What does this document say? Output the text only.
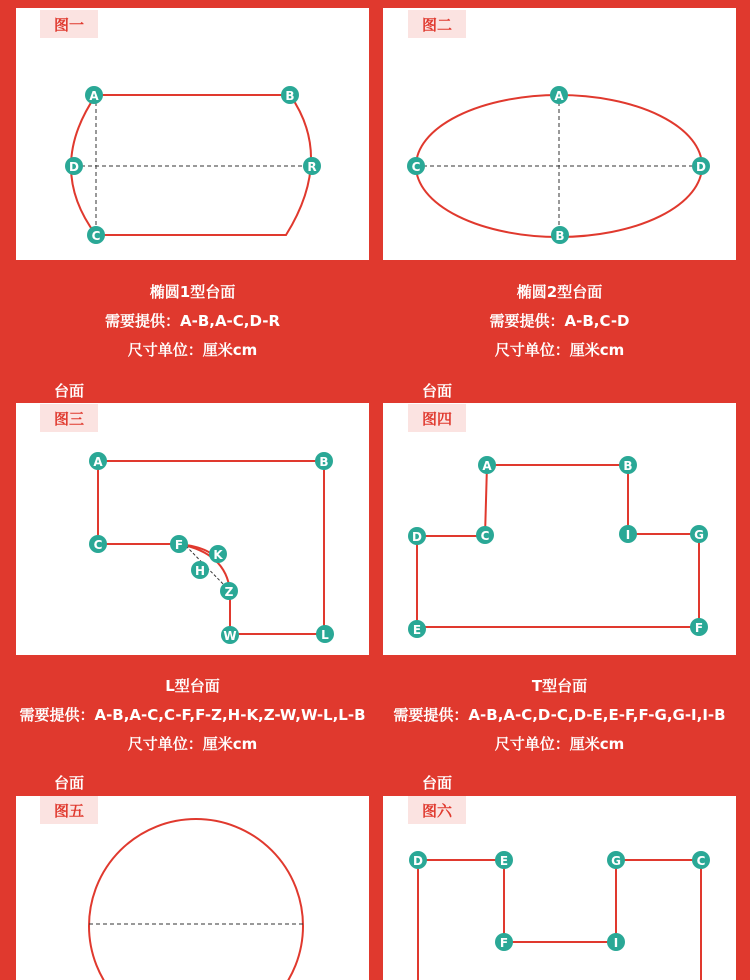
图一
A	B
D	R
C
图二
A
C	D
B
椭圆1型台面
需要提供：A-B,A-C,D-R
尺寸单位：厘米cm
椭圆2型台面
需要提供：A-B,C-D
尺寸单位：厘米cm
台面
图三
A	B
C	F
K
H
Z
W	L
台面
图四
A	B
D	C	I	G
E	F
L型台面
需要提供：A-B,A-C,C-F,F-Z,H-K,Z-W,W-L,L-B
尺寸单位：厘米cm
T型台面
需要提供：A-B,A-C,D-C,D-E,E-F,F-G,G-I,I-B
尺寸单位：厘米cm
台面
图五
台面
图六
D	E	G	C
F	I
